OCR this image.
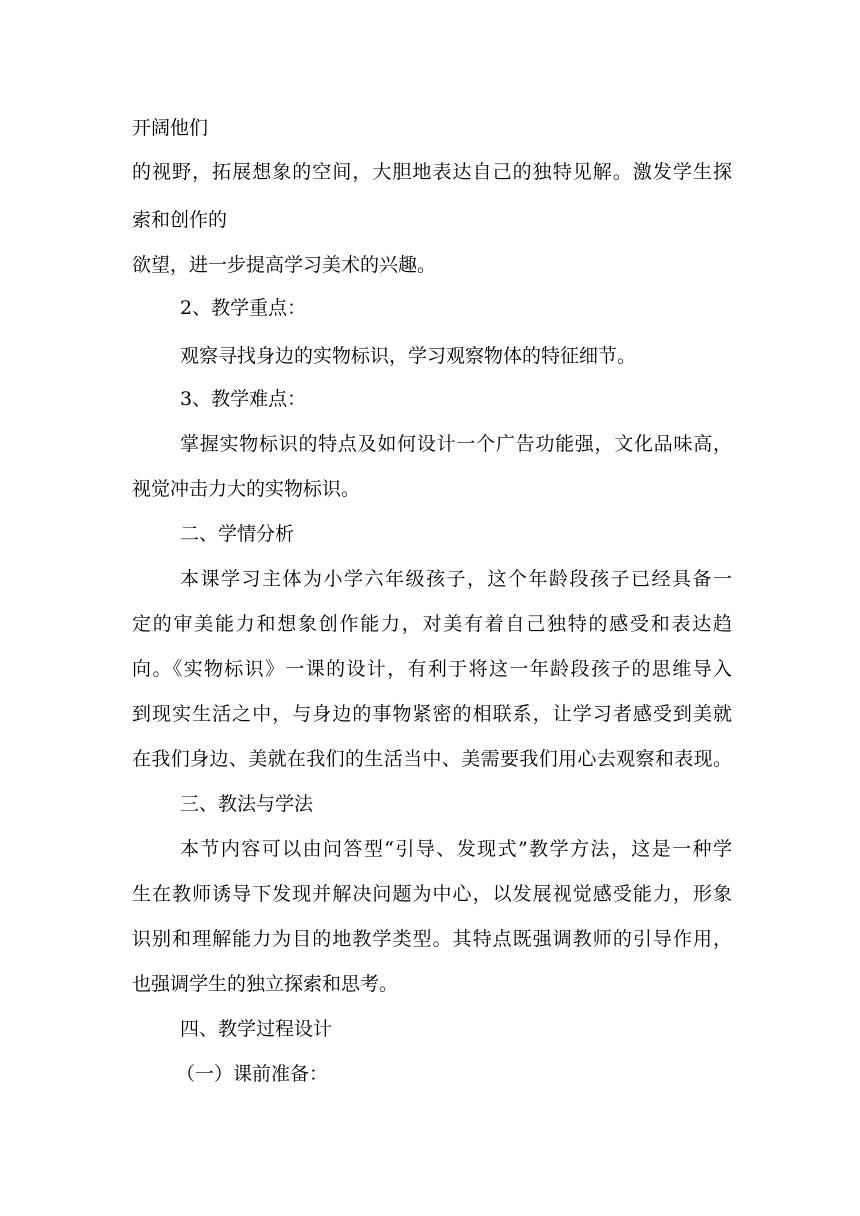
开阔他们
的视野，拓展想象的空间，大胆地表达自己的独特见解。激发学生探
索和创作的
欲望，进一步提高学习美术的兴趣。
2、教学重点：
观察寻找身边的实物标识，学习观察物体的特征细节。
3、教学难点：
掌握实物标识的特点及如何设计一个广告功能强，文化品味高，
视觉冲击力大的实物标识。
二、学情分析
本课学习主体为小学六年级孩子，这个年龄段孩子已经具备一
定的审美能力和想象创作能力，对美有着自己独特的感受和表达趋
向。《实物标识》一课的设计，有利于将这一年龄段孩子的思维导入
到现实生活之中，与身边的事物紧密的相联系，让学习者感受到美就
在我们身边、美就在我们的生活当中、美需要我们用心去观察和表现。
三、教法与学法
本节内容可以由问答型“引导、发现式”教学方法，这是一种学
生在教师诱导下发现并解决问题为中心，以发展视觉感受能力，形象
识别和理解能力为目的地教学类型。其特点既强调教师的引导作用，
也强调学生的独立探索和思考。
四、教学过程设计
（一）课前准备：
